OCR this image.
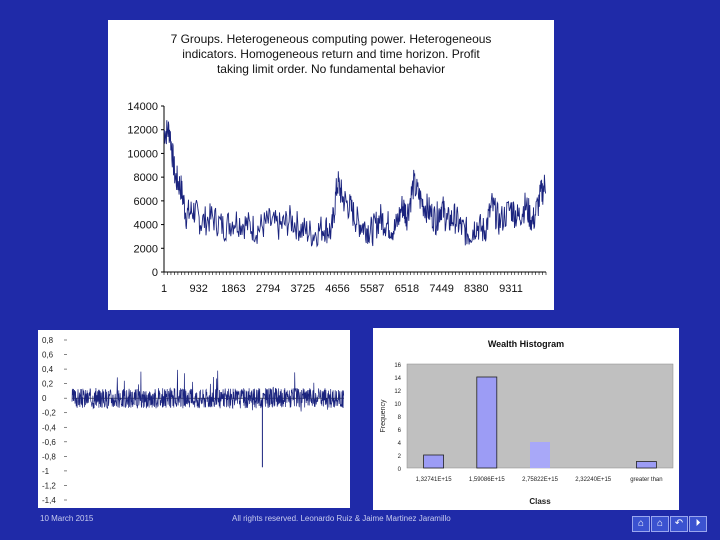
7 Groups. Heterogeneous computing power. Heterogeneous
indicators. Homogeneous return and time horizon. Profit
taking limit order. No fundamental behavior
0
2000
4000
6000
8000
10000
12000
14000
1 932 1863 2794 3725 4656 5587 6518 7449 8380 9311
0,8
0,6
0,4
0,2
0
-0,2
-0,4
-0,6
-0,8
-1
-1,2
-1,4
Wealth Histogram
0
2
4
6
8
10
12
14
16
Frequency
1,32741E+15	1,59086E+15	2,75822E+15	2,32240E+15	greater than
Class
10 March 2015	All rights reserved. Leonardo Ruiz & Jaime Martinez Jaramillo	⌂	⌂	↶	⏵
